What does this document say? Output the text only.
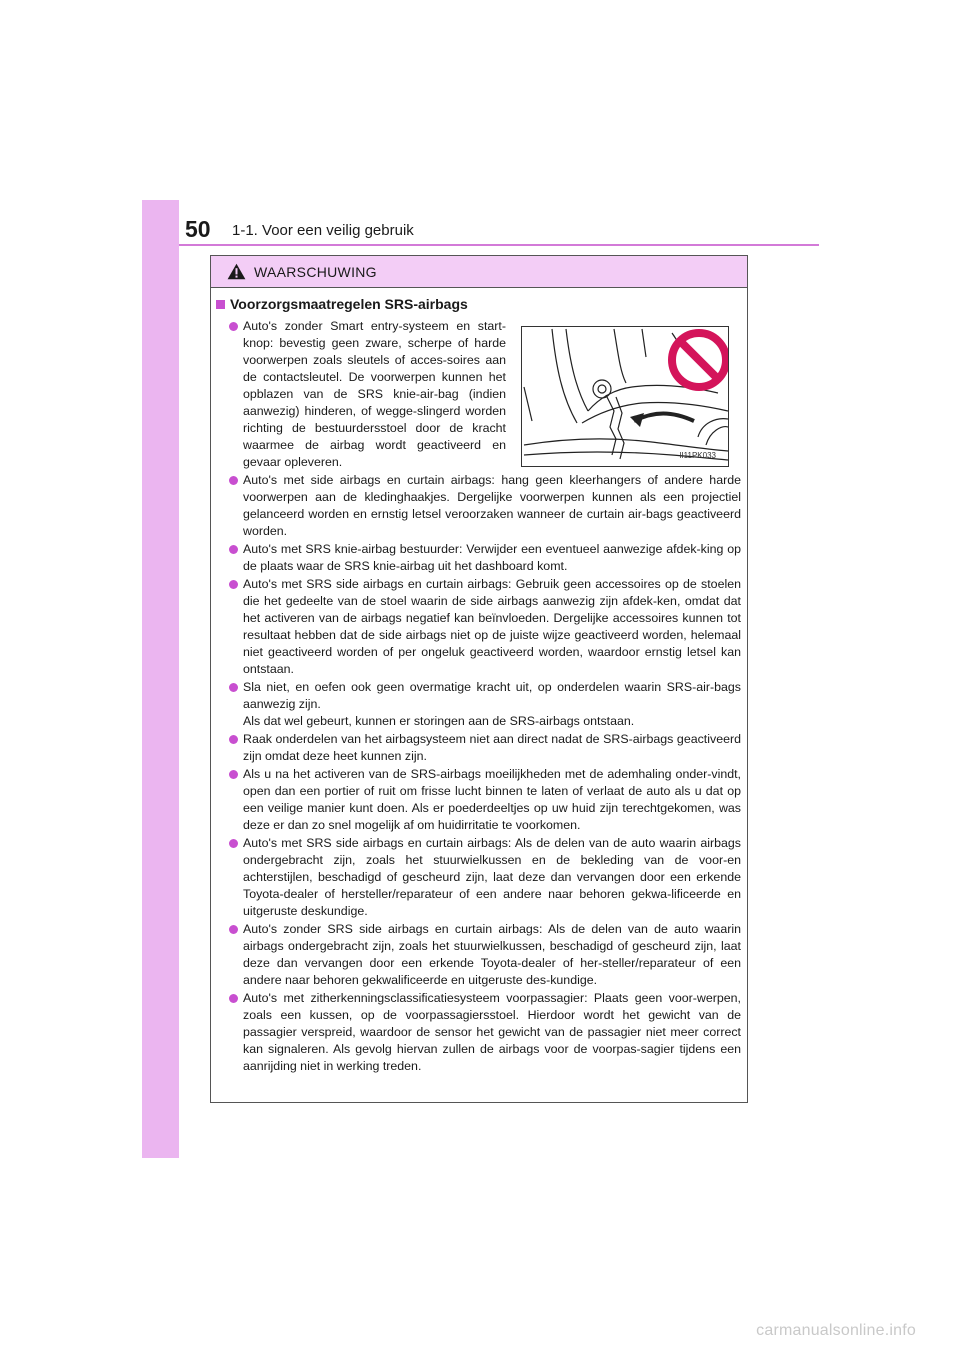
50 1-1. Voor een veilig gebruik
WAARSCHUWING
Voorzorgsmaatregelen SRS-airbags

Auto's zonder Smart entry-systeem en start-knop: bevestig geen zware, scherpe of harde voorwerpen zoals sleutels of acces-soires aan de contactsleutel. De voorwerpen kunnen het opblazen van de SRS knie-air-bag (indien aanwezig) hinderen, of wegge-slingerd worden richting de bestuurdersstoel door de kracht waarmee de airbag wordt geactiveerd en gevaar opleveren.	II11PK033

Auto's met side airbags en curtain airbags: hang geen kleerhangers of andere harde voorwerpen aan de kledinghaakjes. Dergelijke voorwerpen kunnen als een projectiel gelanceerd worden en ernstig letsel veroorzaken wanneer de curtain air-bags geactiveerd worden.

Auto's met SRS knie-airbag bestuurder: Verwijder een eventueel aanwezige afdek-king op de plaats waar de SRS knie-airbag uit het dashboard komt.

Auto's met SRS side airbags en curtain airbags: Gebruik geen accessoires op de stoelen die het gedeelte van de stoel waarin de side airbags aanwezig zijn afdek-ken, omdat dat het activeren van de airbags negatief kan beïnvloeden. Dergelijke accessoires kunnen tot resultaat hebben dat de side airbags niet op de juiste wijze geactiveerd worden, helemaal niet geactiveerd worden of per ongeluk geactiveerd worden, waardoor ernstig letsel kan ontstaan.

Sla niet, en oefen ook geen overmatige kracht uit, op onderdelen waarin SRS-air-bags aanwezig zijn.

Als dat wel gebeurt, kunnen er storingen aan de SRS-airbags ontstaan.

Raak onderdelen van het airbagsysteem niet aan direct nadat de SRS-airbags geactiveerd zijn omdat deze heet kunnen zijn.

Als u na het activeren van de SRS-airbags moeilijkheden met de ademhaling onder-vindt, open dan een portier of ruit om frisse lucht binnen te laten of verlaat de auto als u dat op een veilige manier kunt doen. Als er poederdeeltjes op uw huid zijn terechtgekomen, was deze er dan zo snel mogelijk af om huidirritatie te voorkomen.

Auto's met SRS side airbags en curtain airbags: Als de delen van de auto waarin airbags ondergebracht zijn, zoals het stuurwielkussen en de bekleding van de voor-en achterstijlen, beschadigd of gescheurd zijn, laat deze dan vervangen door een erkende Toyota-dealer of hersteller/reparateur of een andere naar behoren gekwa-lificeerde en uitgeruste deskundige.

Auto's zonder SRS side airbags en curtain airbags: Als de delen van de auto waarin airbags ondergebracht zijn, zoals het stuurwielkussen, beschadigd of gescheurd zijn, laat deze dan vervangen door een erkende Toyota-dealer of her-steller/reparateur of een andere naar behoren gekwalificeerde en uitgeruste des-kundige.

Auto's met zitherkenningsclassificatiesysteem voorpassagier: Plaats geen voor-werpen, zoals een kussen, op de voorpassagiersstoel. Hierdoor wordt het gewicht van de passagier verspreid, waardoor de sensor het gewicht van de passagier niet meer correct kan signaleren. Als gevolg hiervan zullen de airbags voor de voorpas-sagier tijdens een aanrijding niet in werking treden.

carmanualsonline.info
